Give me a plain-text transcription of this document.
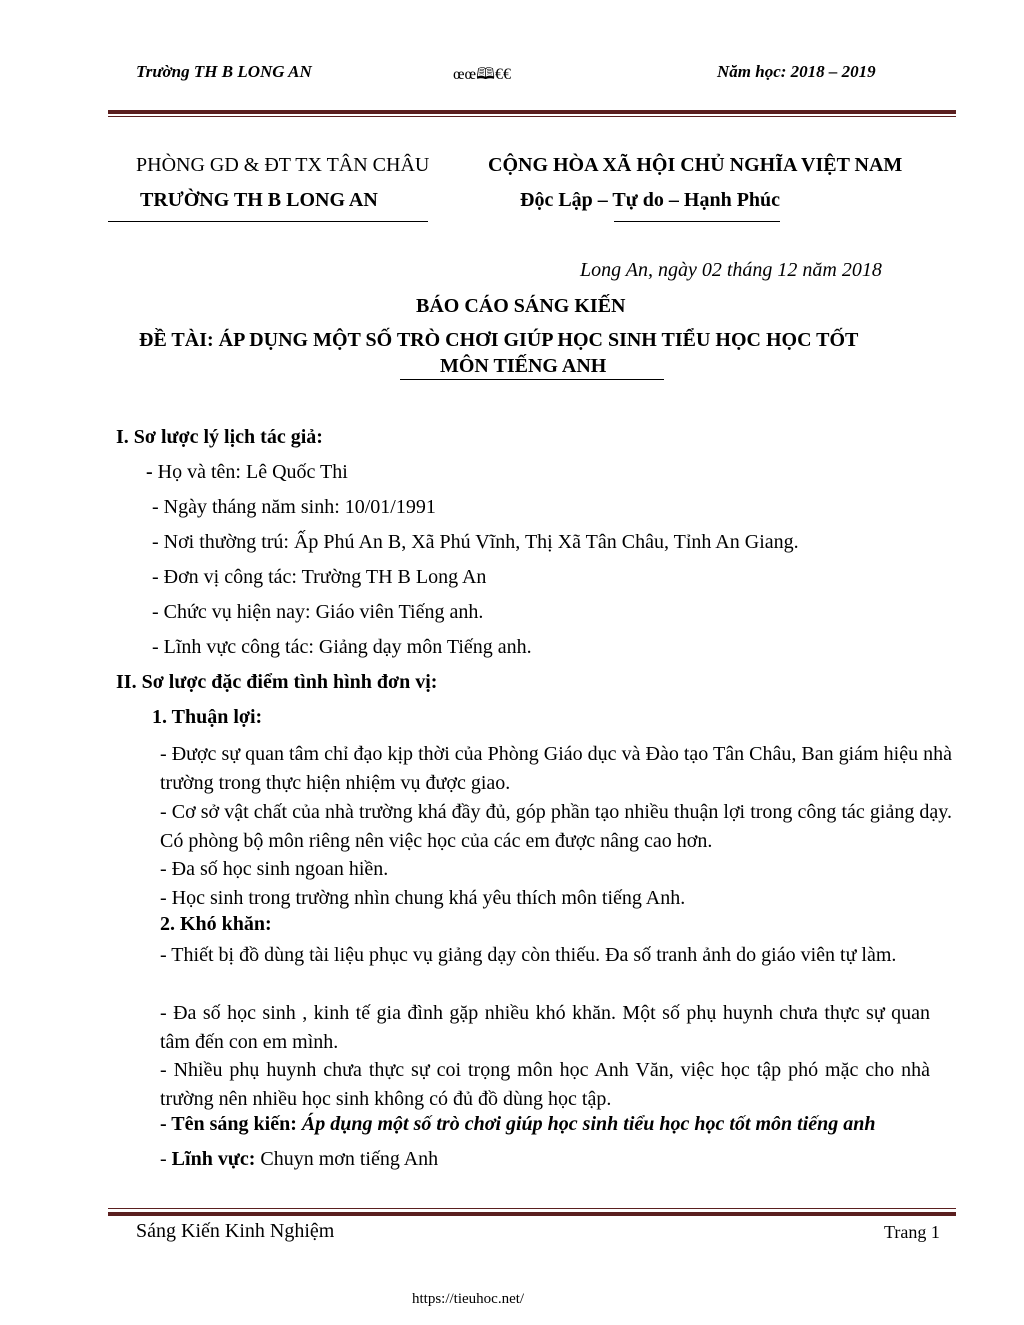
Trường TH B LONG AN	œœ🕮€€	Năm học: 2018 – 2019
PHÒNG GD & ĐT TX TÂN CHÂU
TRƯỜNG TH B LONG AN
CỘNG HÒA XÃ HỘI CHỦ NGHĨA VIỆT NAM
Độc Lập – Tự do – Hạnh Phúc
Long An, ngày 02 tháng 12 năm 2018
BÁO CÁO SÁNG KIẾN
ĐỀ TÀI: ÁP DỤNG MỘT SỐ TRÒ CHƠI GIÚP HỌC SINH TIỂU HỌC HỌC TỐT
MÔN TIẾNG ANH
I. Sơ lược lý lịch tác giả:
- Họ và tên: Lê Quốc Thi
- Ngày tháng năm sinh: 10/01/1991
- Nơi thường trú: Ấp Phú An B, Xã Phú Vĩnh, Thị Xã Tân Châu, Tỉnh An Giang.
- Đơn vị công tác: Trường TH B Long An
- Chức vụ hiện nay: Giáo viên Tiếng anh.
- Lĩnh vực công tác: Giảng dạy môn Tiếng anh.
II. Sơ lược đặc điểm tình hình đơn vị:
1. Thuận lợi:
- Được sự quan tâm chỉ đạo kịp thời của Phòng Giáo dục và Đào tạo Tân Châu, Ban giám hiệu nhà trường trong thực hiện nhiệm vụ được giao.
- Cơ sở vật chất của nhà trường khá đầy đủ, góp phần tạo nhiều thuận lợi trong công tác giảng dạy. Có phòng bộ môn riêng nên việc học của các em được nâng cao hơn.
- Đa số học sinh ngoan hiền.
- Học sinh trong trường nhìn chung khá yêu thích môn tiếng Anh.
2. Khó khăn:
- Thiết bị đồ dùng tài liệu phục vụ giảng dạy còn thiếu. Đa số tranh ảnh do giáo viên tự làm.
- Đa số học sinh , kinh tế gia đình gặp nhiều khó khăn. Một số phụ huynh chưa thực sự quan tâm đến con em mình.
- Nhiều phụ huynh chưa thực sự coi trọng môn học Anh Văn, việc học tập phó mặc cho nhà trường nên nhiều học sinh không có đủ đồ dùng học tập.
- Tên sáng kiến: Áp dụng một số trò chơi giúp học sinh tiểu học học tốt môn tiếng anh
- Lĩnh vực: Chuyn mơn tiếng Anh
Sáng Kiến Kinh Nghiệm	Trang 1
https://tieuhoc.net/
